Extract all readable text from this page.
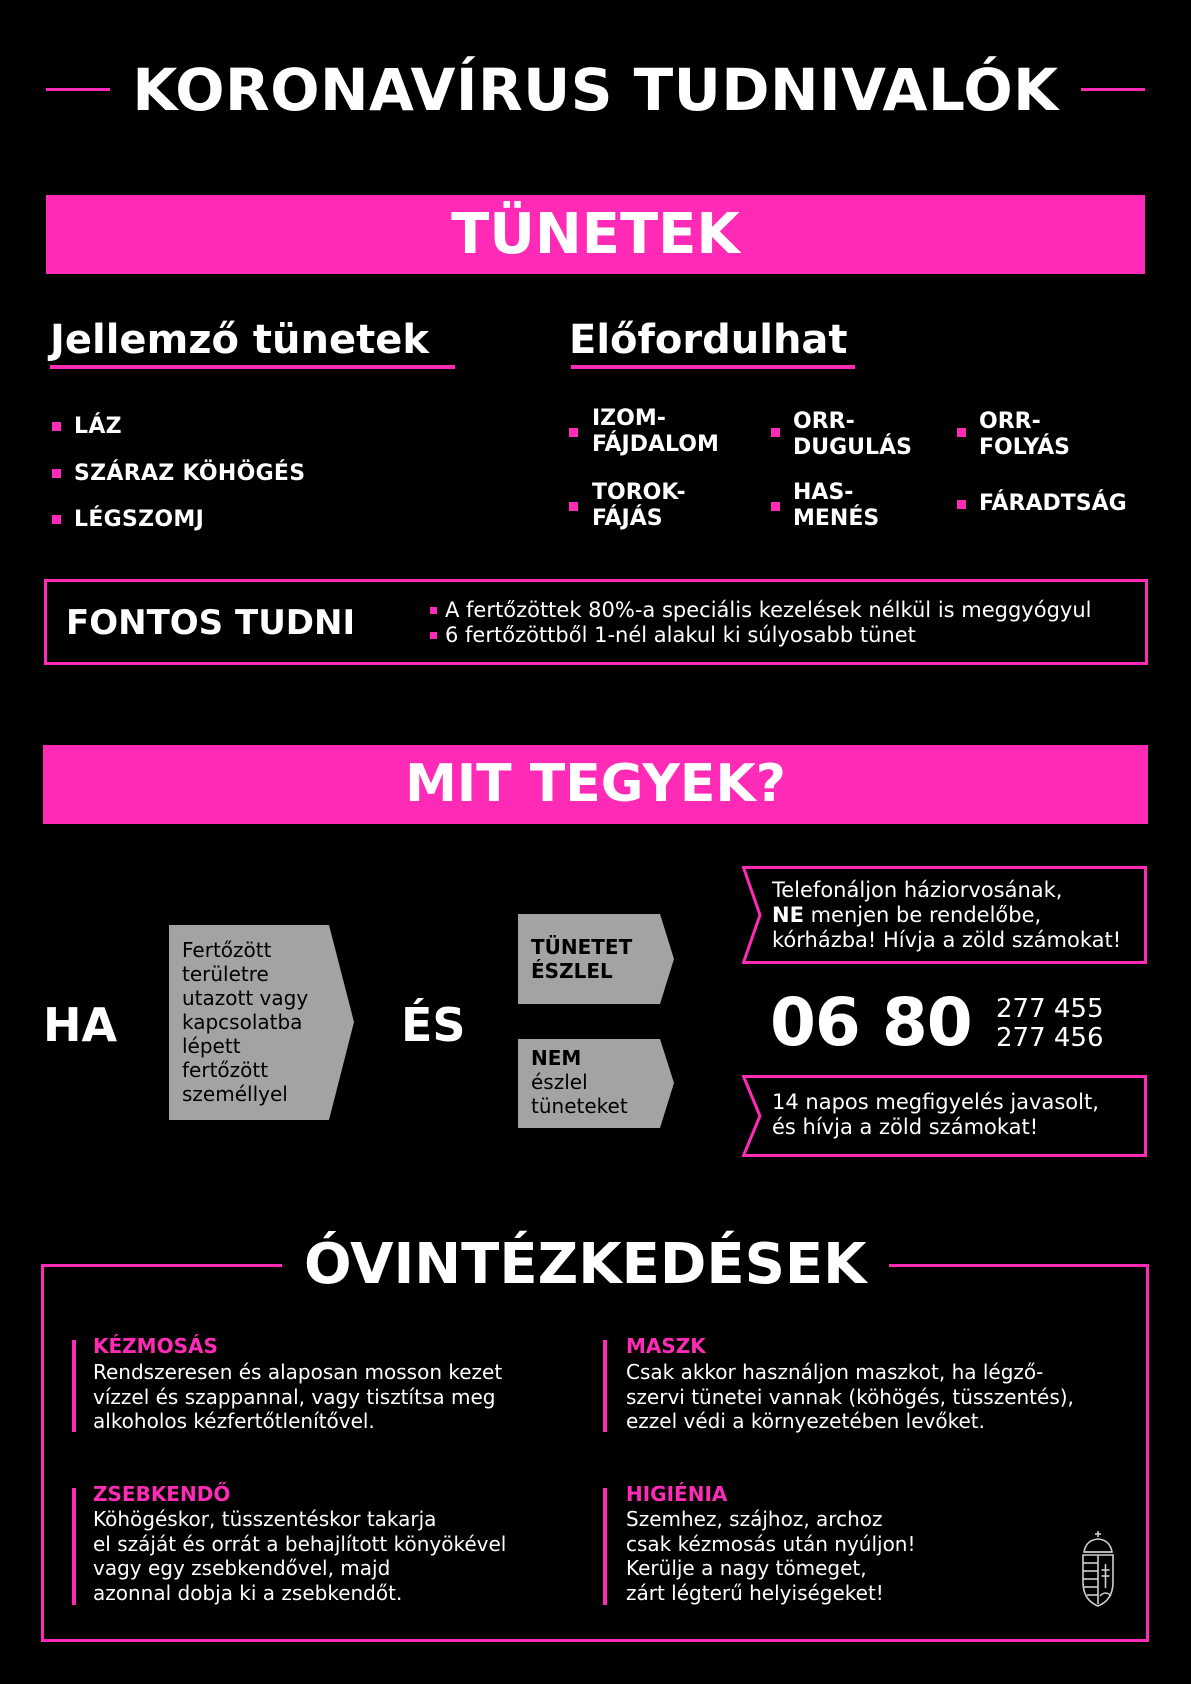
KORONAVÍRUS TUDNIVALÓK
TÜNETEK
Jellemző tünetek
LÁZ
SZÁRAZ KÖHÖGÉS
LÉGSZOMJ
Előfordulhat
IZOM-
FÁJDALOM
ORR-
DUGULÁS
ORR-
FOLYÁS
TOROK-
FÁJÁS
HAS-
MENÉS
FÁRADTSÁG
FONTOS TUDNI	A fertőzöttek 80%-a speciális kezelések nélkül is meggyógyul
6 fertőzöttből 1-nél alakul ki súlyosabb tünet
MIT TEGYEK?
HA
Fertőzött
területre
utazott vagy
kapcsolatba
lépett
fertőzött
személlyel
ÉS
TÜNETET
ÉSZLEL
NEM
észlel
tüneteket
Telefonáljon háziorvosának,
NE menjen be rendelőbe,
kórházba! Hívja a zöld számokat!
06 80 277 455
277 456
14 napos megfigyelés javasolt,
és hívja a zöld számokat!
ÓVINTÉZKEDÉSEK
KÉZMOSÁS
Rendszeresen és alaposan mosson kezet
vízzel és szappannal, vagy tisztítsa meg
alkoholos kézfertőtlenítővel.
MASZK
Csak akkor használjon maszkot, ha légző-
szervi tünetei vannak (köhögés, tüsszentés),
ezzel védi a környezetében levőket.
ZSEBKENDŐ
Köhögéskor, tüsszentéskor takarja
el száját és orrát a behajlított könyökével
vagy egy zsebkendővel, majd
azonnal dobja ki a zsebkendőt.
HIGIÉNIA
Szemhez, szájhoz, archoz
csak kézmosás után nyúljon!
Kerülje a nagy tömeget,
zárt légterű helyiségeket!
